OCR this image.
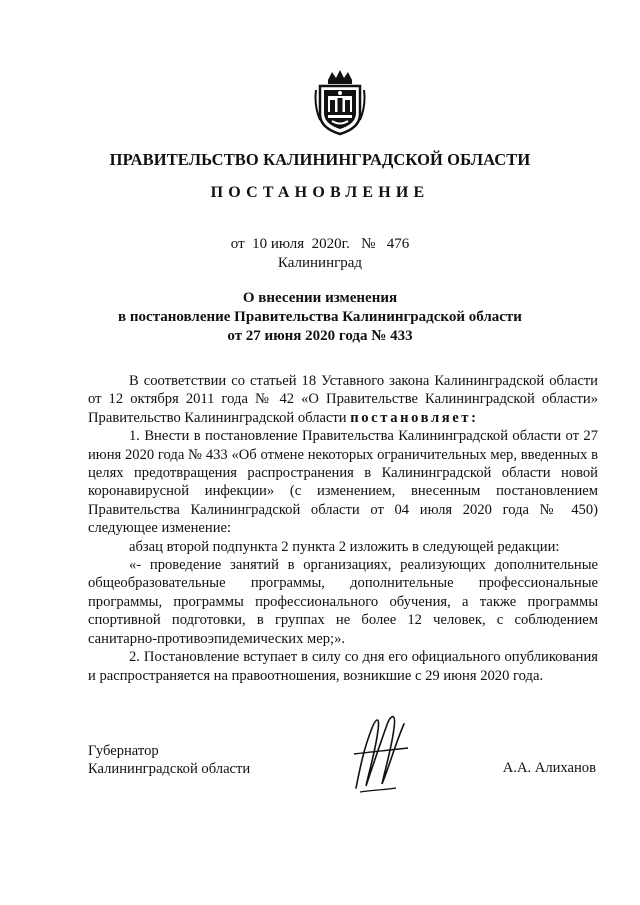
ПРАВИТЕЛЬСТВО КАЛИНИНГРАДСКОЙ ОБЛАСТИ
ПОСТАНОВЛЕНИЕ
от 10 июля 2020г. № 476
Калининград
О внесении изменения
в постановление Правительства Калининградской области
от 27 июня 2020 года № 433

В соответствии со статьей 18 Уставного закона Калининградской области от 12 октября 2011 года № 42 «О Правительстве Калининградской области» Правительство Калининградской области постановляет:

1. Внести в постановление Правительства Калининградской области от 27 июня 2020 года № 433 «Об отмене некоторых ограничительных мер, введенных в целях предотвращения распространения в Калининградской области новой коронавирусной инфекции» (с изменением, внесенным постановлением Правительства Калининградской области от 04 июля 2020 года № 450) следующее изменение:

абзац второй подпункта 2 пункта 2 изложить в следующей редакции:

«- проведение занятий в организациях, реализующих дополнительные общеобразовательные программы, дополнительные профессиональные программы, программы профессионального обучения, а также программы спортивной подготовки, в группах не более 12 человек, с соблюдением санитарно-противоэпидемических мер;».

2. Постановление вступает в силу со дня его официального опубликования и распространяется на правоотношения, возникшие с 29 июня 2020 года.

Губернатор
Калининградской области	А.А. Алиханов
